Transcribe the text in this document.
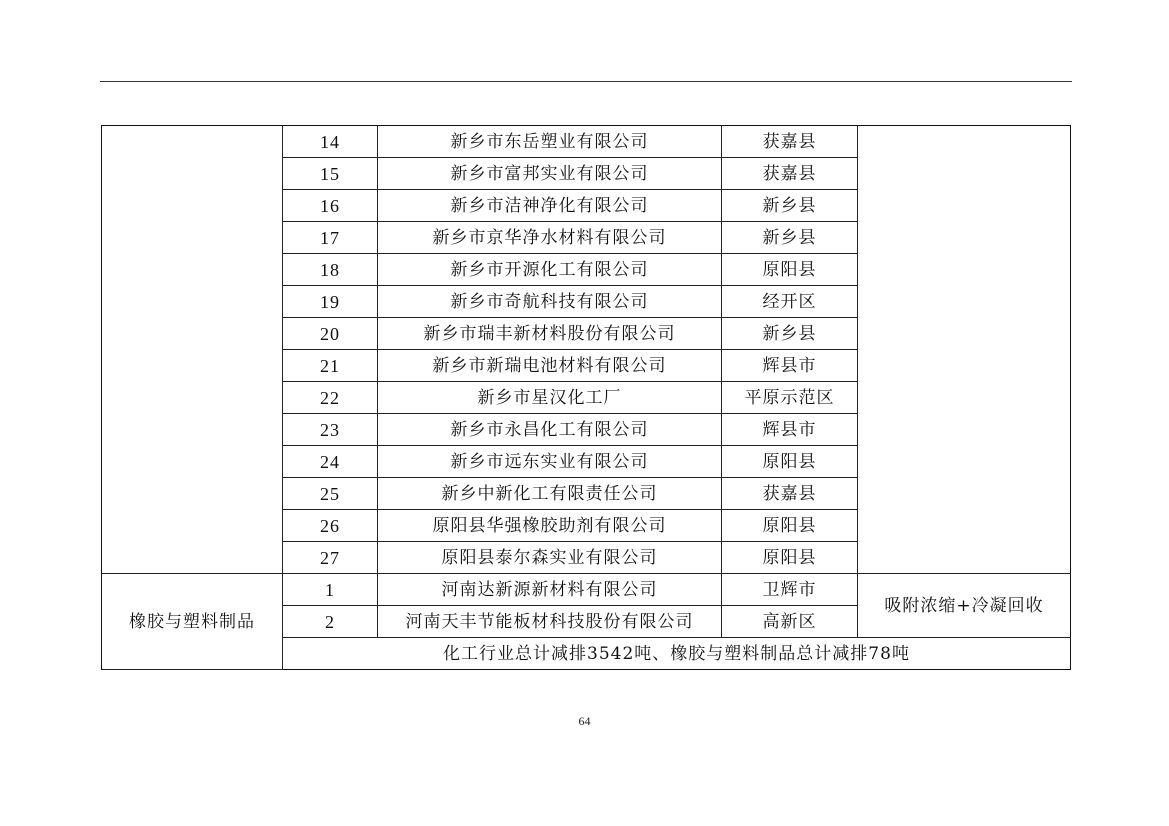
	14	新乡市东岳塑业有限公司	获嘉县	
	15	新乡市富邦实业有限公司	获嘉县	
	16	新乡市洁神净化有限公司	新乡县	
	17	新乡市京华净水材料有限公司	新乡县	
	18	新乡市开源化工有限公司	原阳县	
	19	新乡市奇航科技有限公司	经开区	
	20	新乡市瑞丰新材料股份有限公司	新乡县	
	21	新乡市新瑞电池材料有限公司	辉县市	
	22	新乡市星汉化工厂	平原示范区	
	23	新乡市永昌化工有限公司	辉县市	
	24	新乡市远东实业有限公司	原阳县	
	25	新乡中新化工有限责任公司	获嘉县	
	26	原阳县华强橡胶助剂有限公司	原阳县	
	27	原阳县泰尔森实业有限公司	原阳县	
橡胶与塑料制品	1	河南达新源新材料有限公司	卫辉市	吸附浓缩+冷凝回收
	2	河南天丰节能板材科技股份有限公司	高新区	
	化工行业总计减排3542吨、橡胶与塑料制品总计减排78吨			
64
